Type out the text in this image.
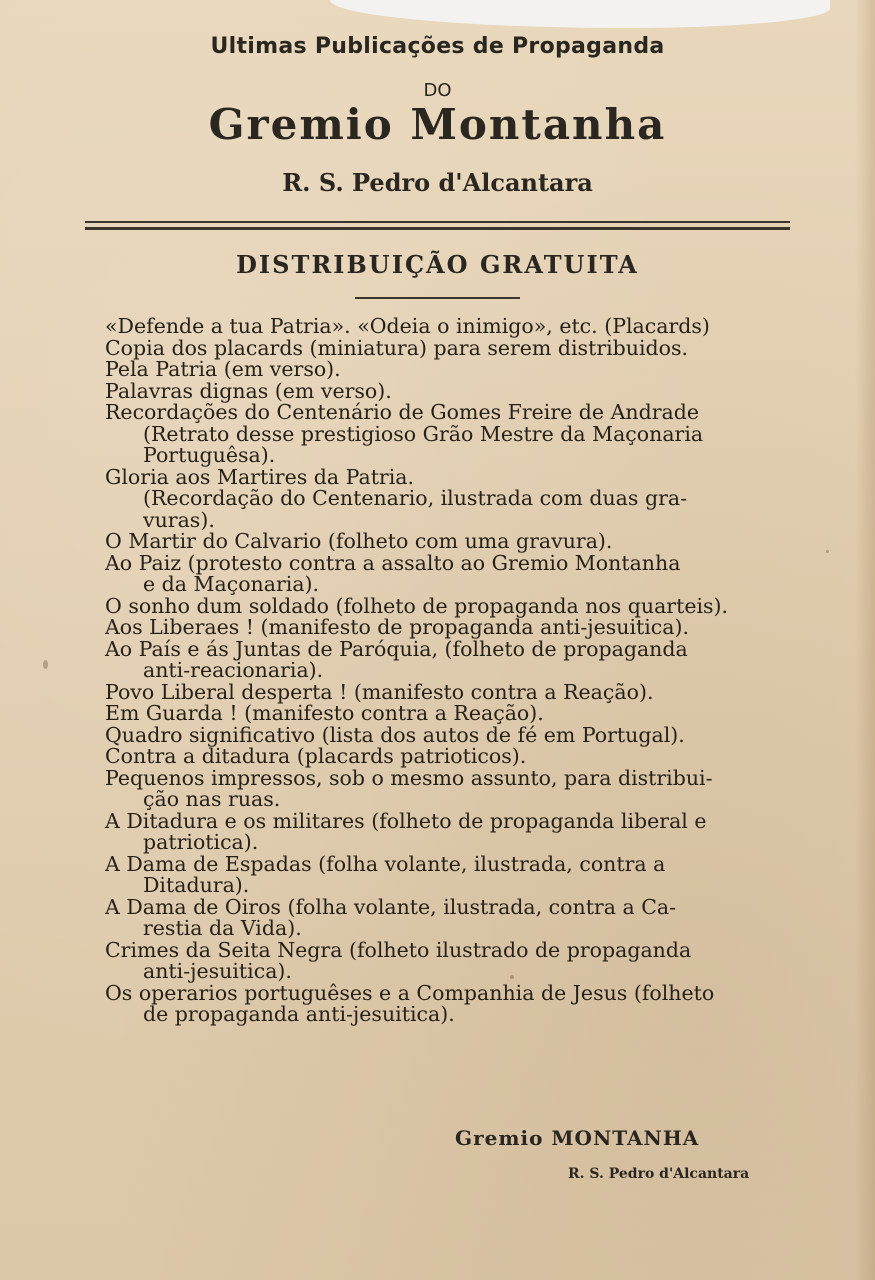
Ultimas Publicações de Propaganda
DO
Gremio Montanha
R. S. Pedro d'Alcantara
DISTRIBUIÇÃO GRATUITA
«Defende a tua Patria». «Odeia o inimigo», etc. (Placards)
Copia dos placards (miniatura) para serem distribuidos.
Pela Patria (em verso).
Palavras dignas (em verso).
Recordações do Centenário de Gomes Freire de Andrade
(Retrato desse prestigioso Grão Mestre da Maçonaria
Portuguêsa).
Gloria aos Martires da Patria.
(Recordação do Centenario, ilustrada com duas gra-
vuras).
O Martir do Calvario (folheto com uma gravura).
Ao Paiz (protesto contra a assalto ao Gremio Montanha
e da Maçonaria).
O sonho dum soldado (folheto de propaganda nos quarteis).
Aos Liberaes ! (manifesto de propaganda anti-jesuitica).
Ao País e ás Juntas de Paróquia, (folheto de propaganda
anti-reacionaria).
Povo Liberal desperta ! (manifesto contra a Reação).
Em Guarda ! (manifesto contra a Reação).
Quadro significativo (lista dos autos de fé em Portugal).
Contra a ditadura (placards patrioticos).
Pequenos impressos, sob o mesmo assunto, para distribui-
ção nas ruas.
A Ditadura e os militares (folheto de propaganda liberal e
patriotica).
A Dama de Espadas (folha volante, ilustrada, contra a
Ditadura).
A Dama de Oiros (folha volante, ilustrada, contra a Ca-
restia da Vida).
Crimes da Seita Negra (folheto ilustrado de propaganda
anti-jesuitica).
Os operarios portuguêses e a Companhia de Jesus (folheto
de propaganda anti-jesuitica).
Gremio MONTANHA
R. S. Pedro d'Alcantara
